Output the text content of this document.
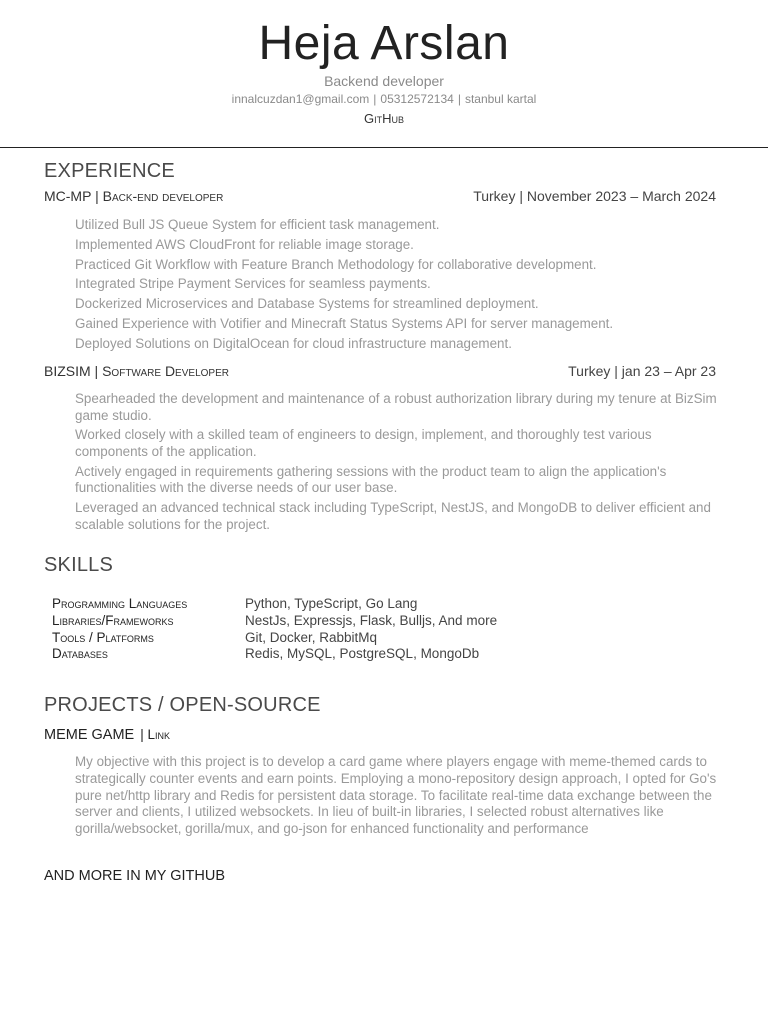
Heja Arslan
Backend developer
innalcuzdan1@gmail.com | 05312572134 | stanbul kartal
GitHub
EXPERIENCE
MC-MP | Back-end developer	Turkey | November 2023 – March 2024
Utilized Bull JS Queue System for efficient task management.
Implemented AWS CloudFront for reliable image storage.
Practiced Git Workflow with Feature Branch Methodology for collaborative development.
Integrated Stripe Payment Services for seamless payments.
Dockerized Microservices and Database Systems for streamlined deployment.
Gained Experience with Votifier and Minecraft Status Systems API for server management.
Deployed Solutions on DigitalOcean for cloud infrastructure management.
BIZSIM | Software Developer	Turkey | jan 23 – Apr 23
Spearheaded the development and maintenance of a robust authorization library during my tenure at BizSim game studio.
Worked closely with a skilled team of engineers to design, implement, and thoroughly test various components of the application.
Actively engaged in requirements gathering sessions with the product team to align the application's functionalities with the diverse needs of our user base.
Leveraged an advanced technical stack including TypeScript, NestJS, and MongoDB to deliver efficient and scalable solutions for the project.
SKILLS
Programming Languages	Python, TypeScript, Go Lang
Libraries/Frameworks	NestJs, Expressjs, Flask, Bulljs, And more
Tools / Platforms	Git, Docker, RabbitMq
Databases	Redis, MySQL, PostgreSQL, MongoDb
PROJECTS / OPEN-SOURCE
MEME GAME | Link
My objective with this project is to develop a card game where players engage with meme-themed cards to strategically counter events and earn points. Employing a mono-repository design approach, I opted for Go's pure net/http library and Redis for persistent data storage. To facilitate real-time data exchange between the server and clients, I utilized websockets. In lieu of built-in libraries, I selected robust alternatives like gorilla/websocket, gorilla/mux, and go-json for enhanced functionality and performance
AND MORE IN MY GITHUB
